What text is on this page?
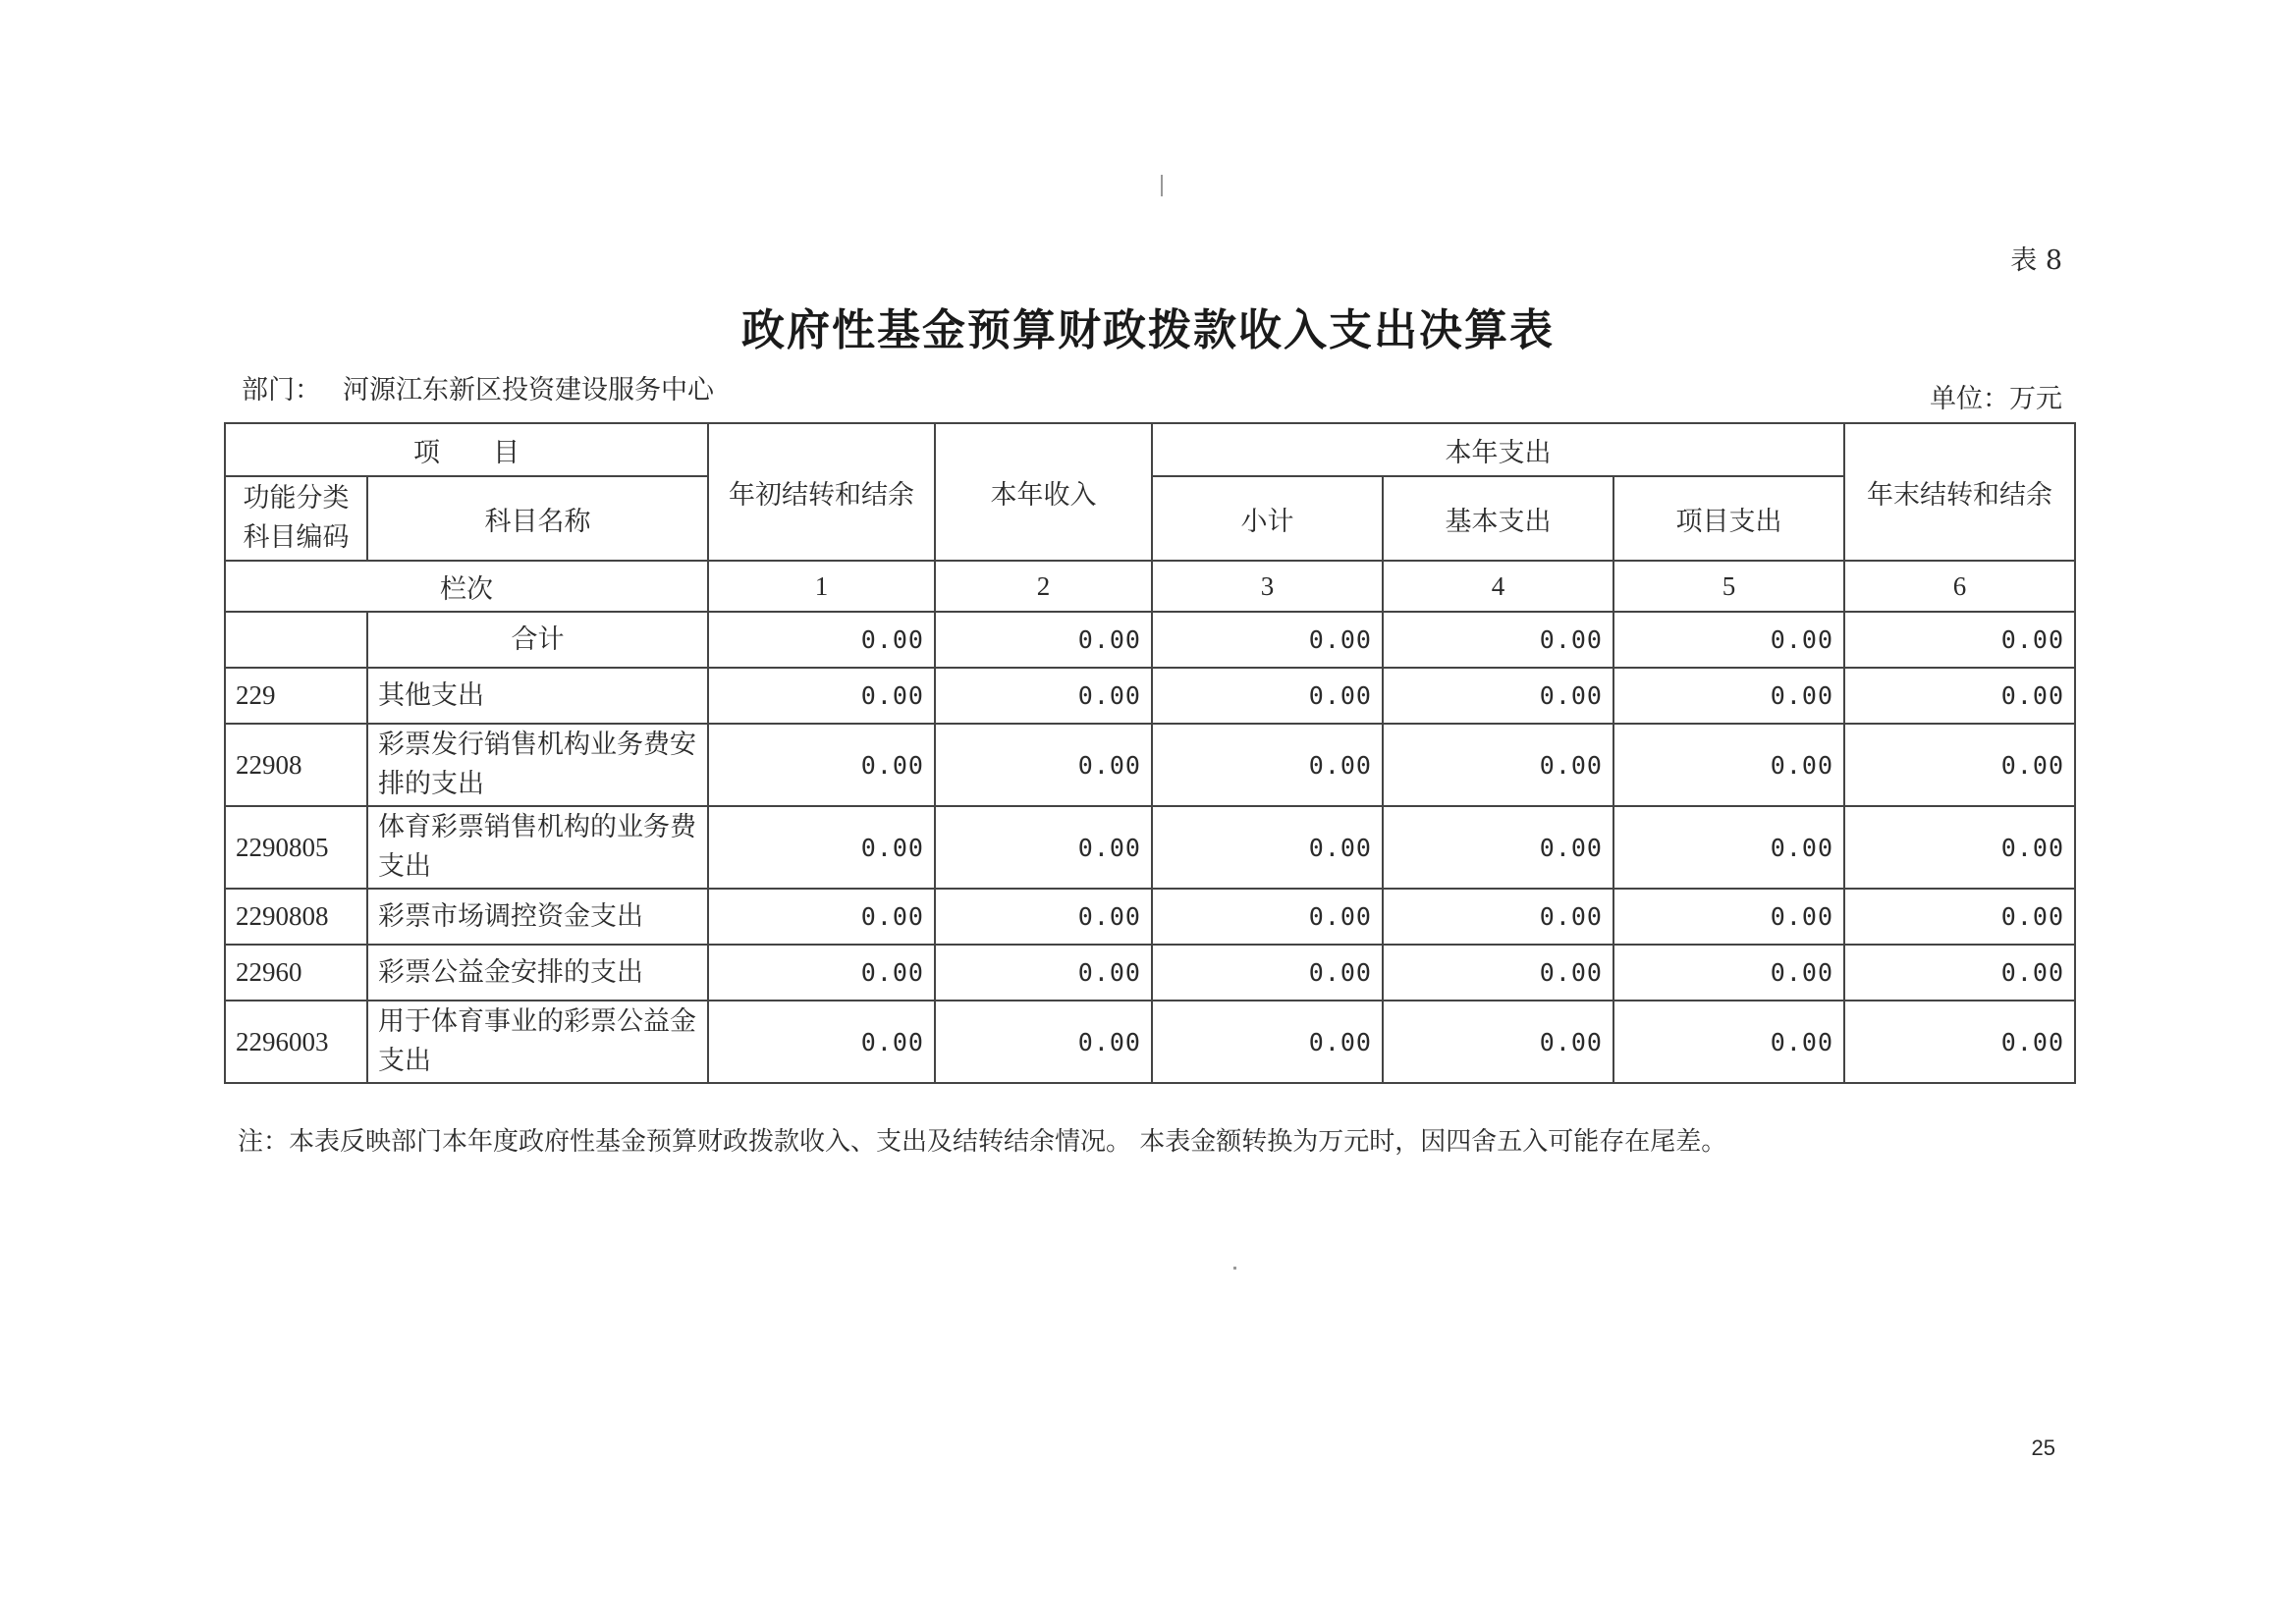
表 8
政府性基金预算财政拨款收入支出决算表
部门： 河源江东新区投资建设服务中心	单位：万元
项　　目		年初结转和结余	本年收入	本年支出			年末结转和结余
功能分类
科目编码	科目名称			小计	基本支出	项目支出	
栏次		1	2	3	4	5	6
	合计	0.00	0.00	0.00	0.00	0.00	0.00
229	其他支出	0.00	0.00	0.00	0.00	0.00	0.00
22908	彩票发行销售机构业务费安排的支出	0.00	0.00	0.00	0.00	0.00	0.00
2290805	体育彩票销售机构的业务费支出	0.00	0.00	0.00	0.00	0.00	0.00
2290808	彩票市场调控资金支出	0.00	0.00	0.00	0.00	0.00	0.00
22960	彩票公益金安排的支出	0.00	0.00	0.00	0.00	0.00	0.00
2296003	用于体育事业的彩票公益金支出	0.00	0.00	0.00	0.00	0.00	0.00
注：本表反映部门本年度政府性基金预算财政拨款收入、支出及结转结余情况。 本表金额转换为万元时，因四舍五入可能存在尾差。
25
